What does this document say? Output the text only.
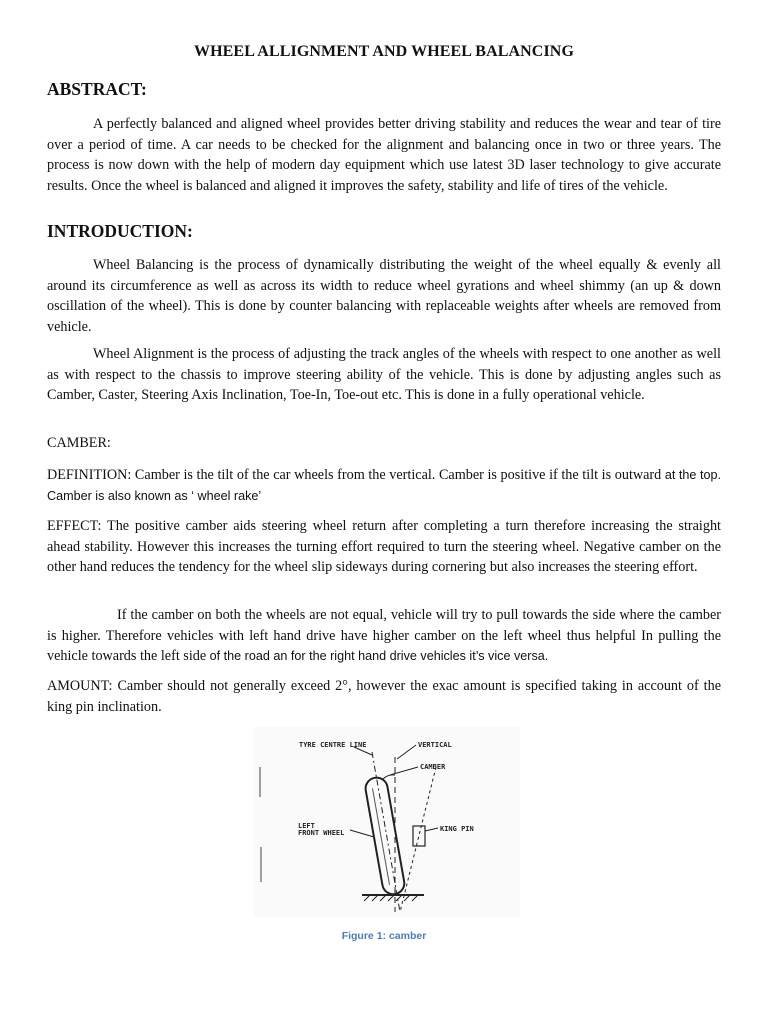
WHEEL ALLIGNMENT AND WHEEL BALANCING
ABSTRACT:

A perfectly balanced and aligned wheel provides better driving stability and reduces the wear and tear of tire over a period of time. A car needs to be checked for the alignment and balancing once in two or three years. The process is now down with the help of modern day equipment which use latest 3D laser technology to give accurate results. Once the wheel is balanced and aligned it improves the safety, stability and life of tires of the vehicle.

INTRODUCTION:

Wheel Balancing is the process of dynamically distributing the weight of the wheel equally & evenly all around its circumference as well as across its width to reduce wheel gyrations and wheel shimmy (an up & down oscillation of the wheel). This is done by counter balancing with replaceable weights after wheels are removed from vehicle.

Wheel Alignment is the process of adjusting the track angles of the wheels with respect to one another as well as with respect to the chassis to improve steering ability of the vehicle. This is done by adjusting angles such as Camber, Caster, Steering Axis Inclination, Toe-In, Toe-out etc. This is done in a fully operational vehicle.

CAMBER:

DEFINITION: Camber is the tilt of the car wheels from the vertical. Camber is positive if the tilt is outward at the top. Camber is also known as ‘ wheel rake’

EFFECT: The positive camber aids steering wheel return after completing a turn therefore increasing the straight ahead stability. However this increases the turning effort required to turn the steering wheel. Negative camber on the other hand reduces the tendency for the wheel slip sideways during cornering but also increases the steering effort.

If the camber on both the wheels are not equal, vehicle will try to pull towards the side where the camber is higher. Therefore vehicles with left hand drive have higher camber on the left wheel thus helpful In pulling the vehicle towards the left side of the road an for the right hand drive vehicles it’s vice versa.

AMOUNT: Camber should not generally exceed 2°, however the exac amount is specified taking in account of the king pin inclination.

TYRE CENTRE LINE	VERTICAL
CAMBER
LEFT
FRONT WHEEL	KING PIN
Figure 1: camber
